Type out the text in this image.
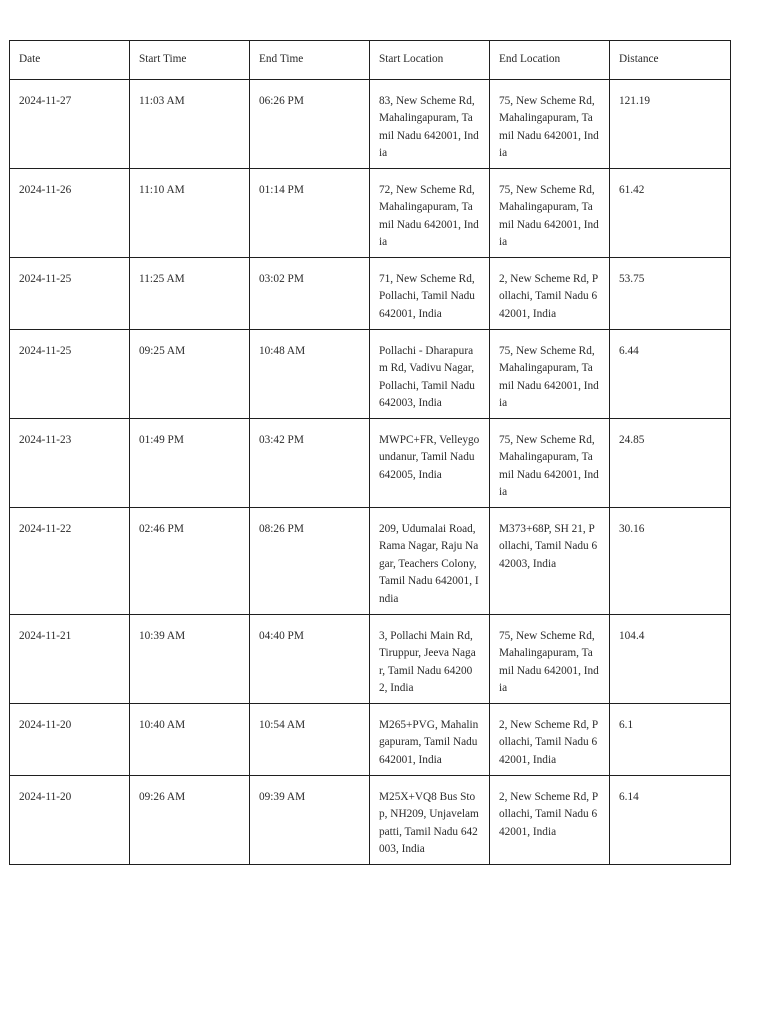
Date	Start Time	End Time	Start Location	End Location	Distance
2024-11-27	11:03 AM	06:26 PM	83, New Scheme Rd, Mahalingapuram, Tamil Nadu 642001, India	75, New Scheme Rd, Mahalingapuram, Tamil Nadu 642001, India	121.19
2024-11-26	11:10 AM	01:14 PM	72, New Scheme Rd, Mahalingapuram, Tamil Nadu 642001, India	75, New Scheme Rd, Mahalingapuram, Tamil Nadu 642001, India	61.42
2024-11-25	11:25 AM	03:02 PM	71, New Scheme Rd, Pollachi, Tamil Nadu 642001, India	2, New Scheme Rd, Pollachi, Tamil Nadu 642001, India	53.75
2024-11-25	09:25 AM	10:48 AM	Pollachi - Dharapuram Rd, Vadivu Nagar, Pollachi, Tamil Nadu 642003, India	75, New Scheme Rd, Mahalingapuram, Tamil Nadu 642001, India	6.44
2024-11-23	01:49 PM	03:42 PM	MWPC+FR, Velleygoundanur, Tamil Nadu 642005, India	75, New Scheme Rd, Mahalingapuram, Tamil Nadu 642001, India	24.85
2024-11-22	02:46 PM	08:26 PM	209, Udumalai Road, Rama Nagar, Raju Nagar, Teachers Colony, Tamil Nadu 642001, India	M373+68P, SH 21, Pollachi, Tamil Nadu 642003, India	30.16
2024-11-21	10:39 AM	04:40 PM	3, Pollachi Main Rd, Tiruppur, Jeeva Nagar, Tamil Nadu 642002, India	75, New Scheme Rd, Mahalingapuram, Tamil Nadu 642001, India	104.4
2024-11-20	10:40 AM	10:54 AM	M265+PVG, Mahalingapuram, Tamil Nadu 642001, India	2, New Scheme Rd, Pollachi, Tamil Nadu 642001, India	6.1
2024-11-20	09:26 AM	09:39 AM	M25X+VQ8 Bus Stop, NH209, Unjavelampatti, Tamil Nadu 642003, India	2, New Scheme Rd, Pollachi, Tamil Nadu 642001, India	6.14
